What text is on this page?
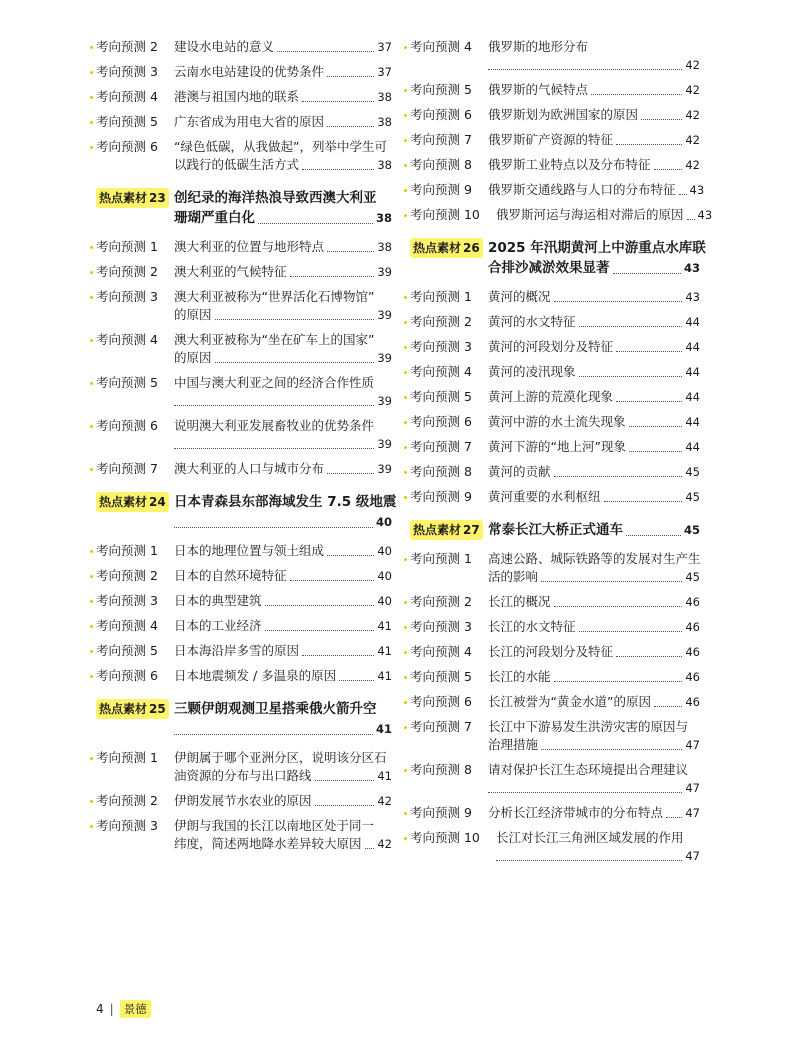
考向预测 2 建设水电站的意义	37
考向预测 3 云南水电站建设的优势条件	37
考向预测 4 港澳与祖国内地的联系	38
考向预测 5 广东省成为用电大省的原因	38
考向预测 6 “绿色低碳，从我做起”，列举中学生可
以践行的低碳生活方式	38
热点素材 23 创纪录的海洋热浪导致西澳大利亚
珊瑚严重白化	38
考向预测 1 澳大利亚的位置与地形特点	38
考向预测 2 澳大利亚的气候特征	39
考向预测 3 澳大利亚被称为“世界活化石博物馆”
的原因	39
考向预测 4 澳大利亚被称为“坐在矿车上的国家”
的原因	39
考向预测 5 中国与澳大利亚之间的经济合作性质
39
考向预测 6 说明澳大利亚发展畜牧业的优势条件
39
考向预测 7 澳大利亚的人口与城市分布	39
热点素材 24 日本青森县东部海域发生 7.5 级地震
40
考向预测 1 日本的地理位置与领土组成	40
考向预测 2 日本的自然环境特征	40
考向预测 3 日本的典型建筑	40
考向预测 4 日本的工业经济	41
考向预测 5 日本海沿岸多雪的原因	41
考向预测 6 日本地震频发 / 多温泉的原因	41
热点素材 25 三颗伊朗观测卫星搭乘俄火箭升空
41
考向预测 1 伊朗属于哪个亚洲分区，说明该分区石
油资源的分布与出口路线	41
考向预测 2 伊朗发展节水农业的原因	42
考向预测 3 伊朗与我国的长江以南地区处于同一
纬度，简述两地降水差异较大原因 42
考向预测 4 俄罗斯的地形分布
42
考向预测 5 俄罗斯的气候特点	42
考向预测 6 俄罗斯划为欧洲国家的原因	42
考向预测 7 俄罗斯矿产资源的特征	42
考向预测 8 俄罗斯工业特点以及分布特征	42
考向预测 9 俄罗斯交通线路与人口的分布特征 43
考向预测 10 俄罗斯河运与海运相对滞后的原因 43
热点素材 26 2025 年汛期黄河上中游重点水库联
合排沙减淤效果显著	43
考向预测 1 黄河的概况	43
考向预测 2 黄河的水文特征	44
考向预测 3 黄河的河段划分及特征	44
考向预测 4 黄河的凌汛现象	44
考向预测 5 黄河上游的荒漠化现象	44
考向预测 6 黄河中游的水土流失现象	44
考向预测 7 黄河下游的“地上河”现象	44
考向预测 8 黄河的贡献	45
考向预测 9 黄河重要的水利枢纽	45
热点素材 27 常泰长江大桥正式通车	45
考向预测 1 高速公路、城际铁路等的发展对生产生
活的影响	45
考向预测 2 长江的概况	46
考向预测 3 长江的水文特征	46
考向预测 4 长江的河段划分及特征	46
考向预测 5 长江的水能	46
考向预测 6 长江被誉为“黄金水道”的原因	46
考向预测 7 长江中下游易发生洪涝灾害的原因与
治理措施	47
考向预测 8 请对保护长江生态环境提出合理建议
47
考向预测 9 分析长江经济带城市的分布特点 47
考向预测 10 长江对长江三角洲区域发展的作用
47
4 | 景德
